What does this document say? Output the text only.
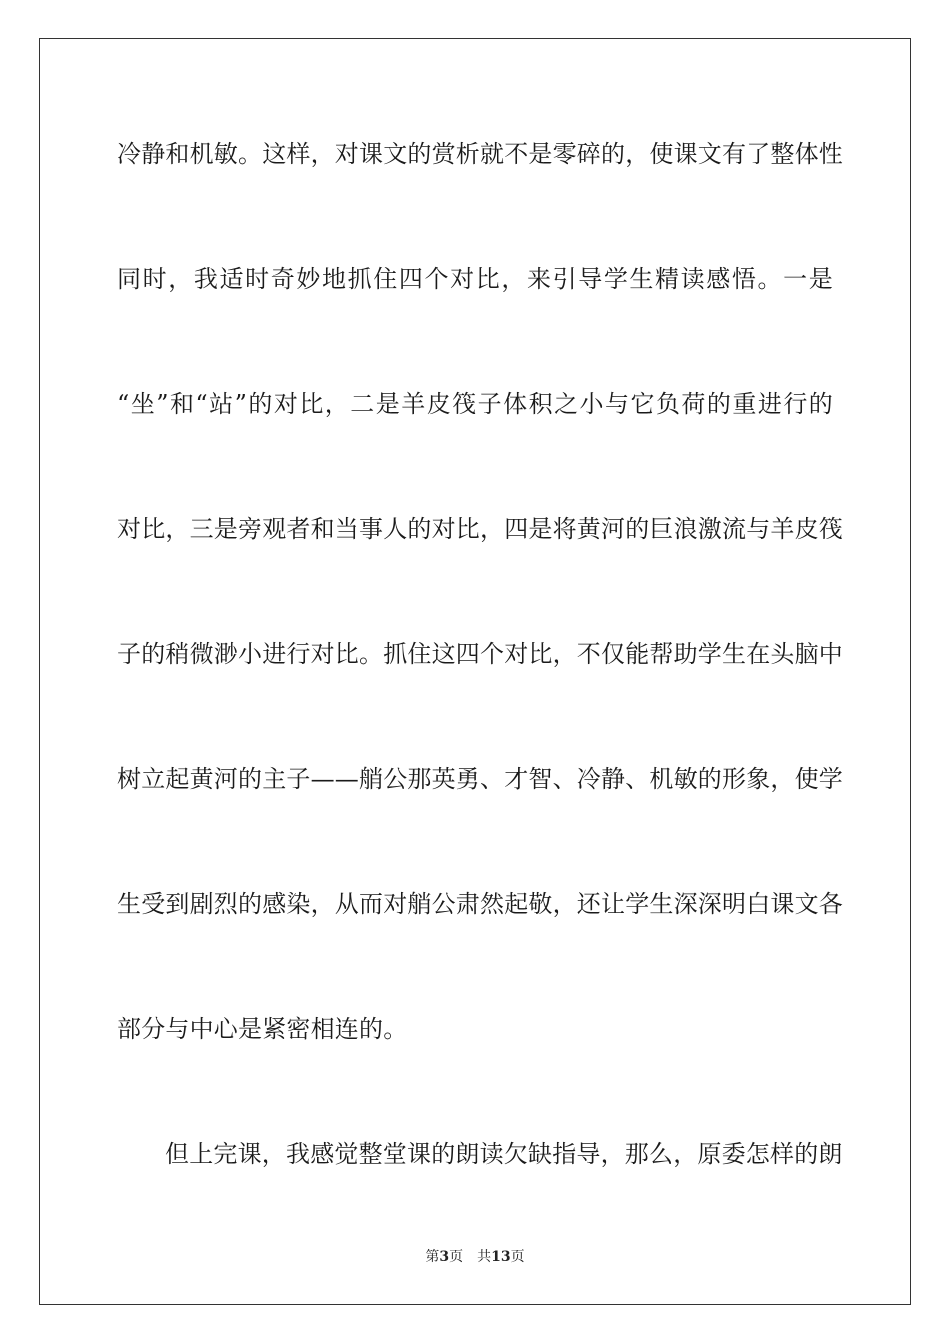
冷静和机敏。这样，对课文的赏析就不是零碎的，使课文有了整体性
同时，我适时奇妙地抓住四个对比，来引导学生精读感悟。一是
“坐”和“站”的对比，二是羊皮筏子体积之小与它负荷的重进行的
对比，三是旁观者和当事人的对比，四是将黄河的巨浪激流与羊皮筏
子的稍微渺小进行对比。抓住这四个对比，不仅能帮助学生在头脑中
树立起黄河的主子——艄公那英勇、才智、冷静、机敏的形象，使学
生受到剧烈的感染，从而对艄公肃然起敬，还让学生深深明白课文各
部分与中心是紧密相连的。
但上完课，我感觉整堂课的朗读欠缺指导，那么，原委怎样的朗
第3页 共13页
